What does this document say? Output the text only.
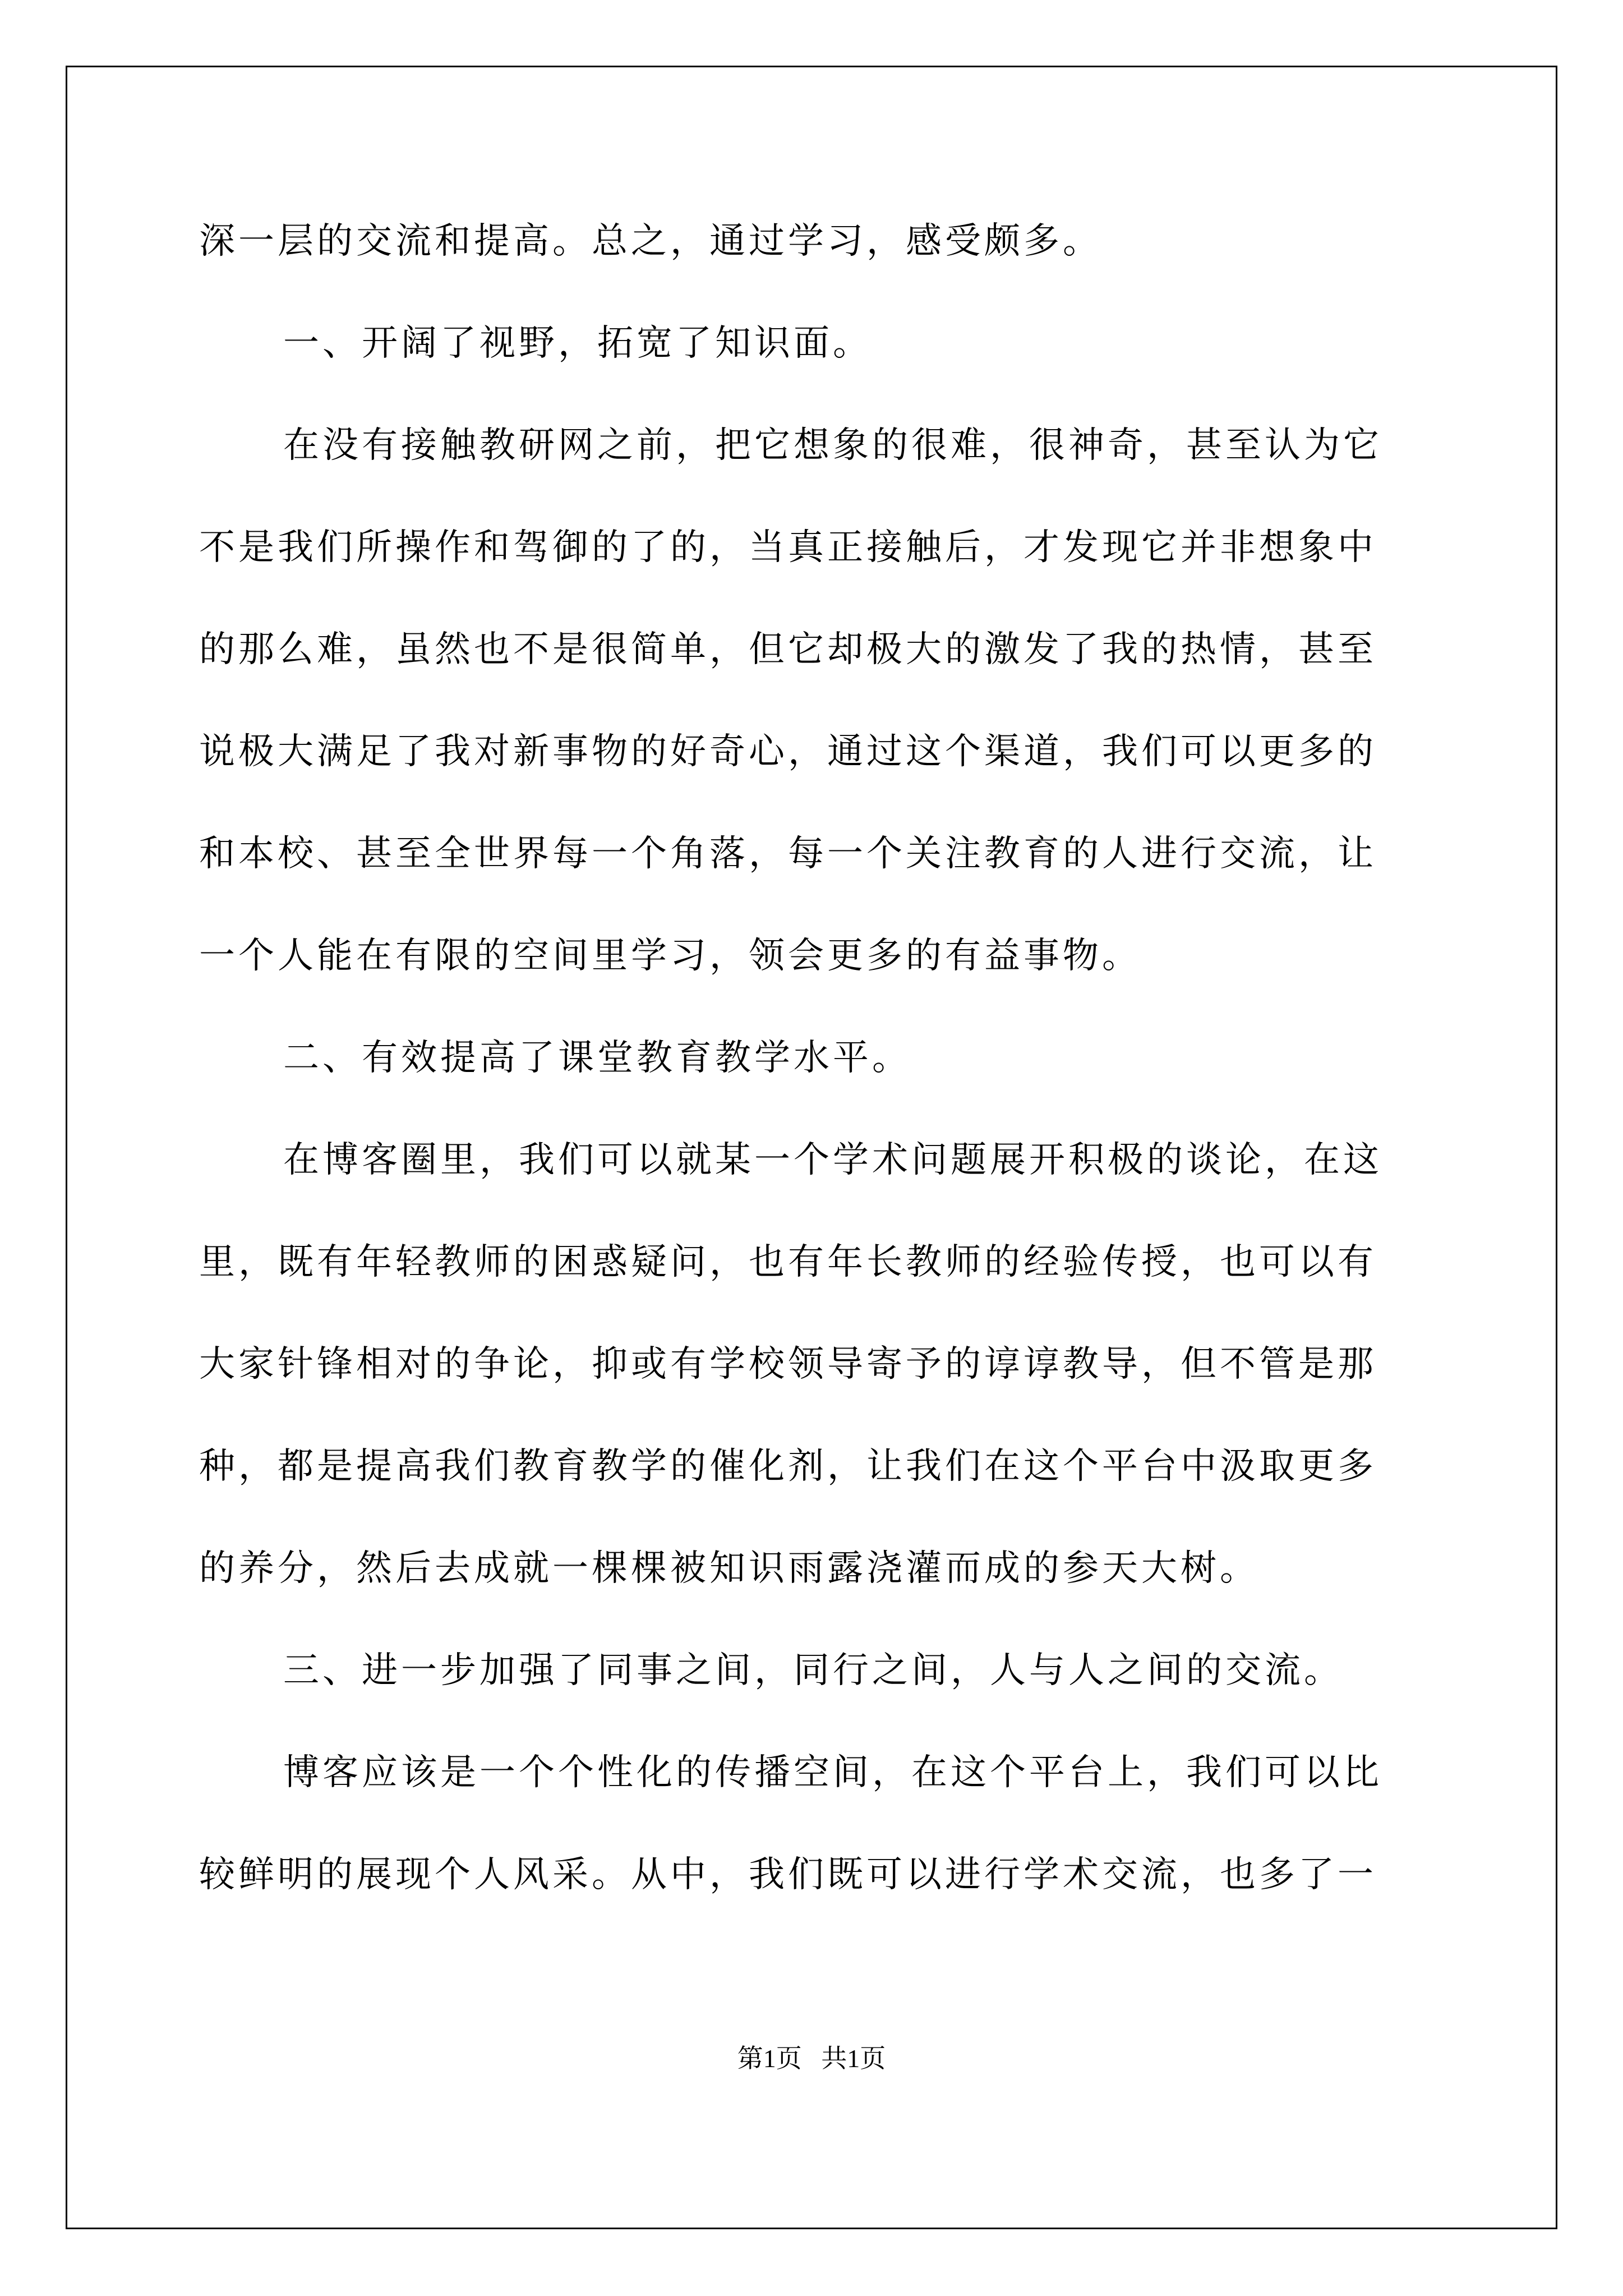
深一层的交流和提高。总之，通过学习，感受颇多。
一、开阔了视野，拓宽了知识面。
在没有接触教研网之前，把它想象的很难，很神奇，甚至认为它
不是我们所操作和驾御的了的，当真正接触后，才发现它并非想象中
的那么难，虽然也不是很简单，但它却极大的激发了我的热情，甚至
说极大满足了我对新事物的好奇心，通过这个渠道，我们可以更多的
和本校、甚至全世界每一个角落，每一个关注教育的人进行交流，让
一个人能在有限的空间里学习，领会更多的有益事物。
二、有效提高了课堂教育教学水平。
在博客圈里，我们可以就某一个学术问题展开积极的谈论，在这
里，既有年轻教师的困惑疑问，也有年长教师的经验传授，也可以有
大家针锋相对的争论，抑或有学校领导寄予的谆谆教导，但不管是那
种，都是提高我们教育教学的催化剂，让我们在这个平台中汲取更多
的养分，然后去成就一棵棵被知识雨露浇灌而成的参天大树。
三、进一步加强了同事之间，同行之间，人与人之间的交流。
博客应该是一个个性化的传播空间，在这个平台上，我们可以比
较鲜明的展现个人风采。从中，我们既可以进行学术交流，也多了一
第1页   共1页
